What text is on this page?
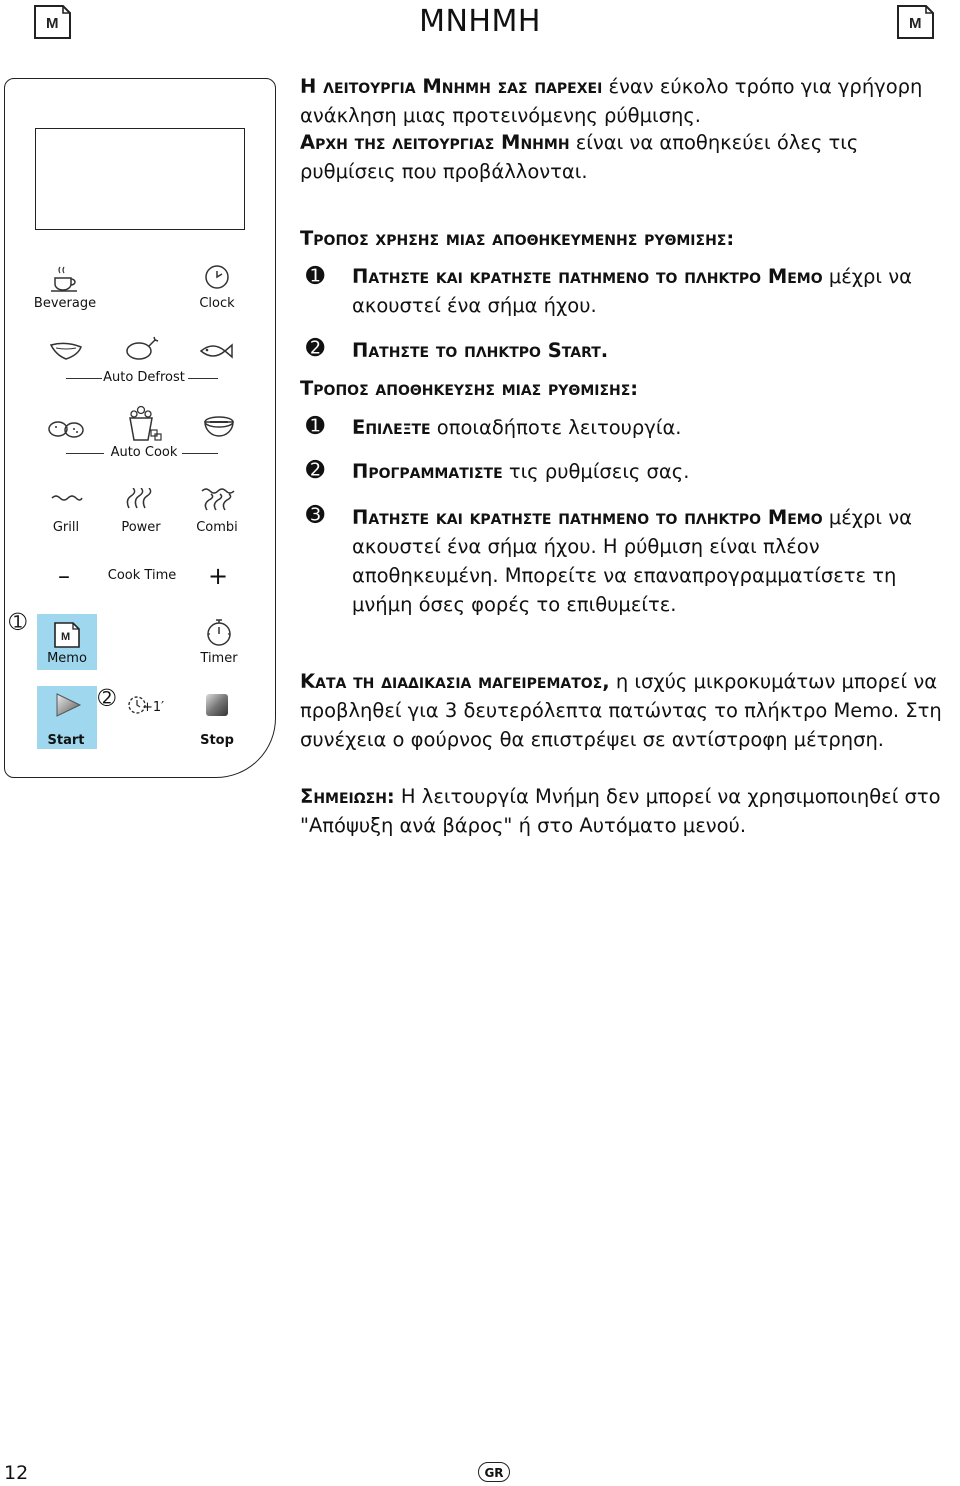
M	ΜΝΗΜΗ	M
Beverage	Clock
Auto Defrost
Auto Cook
Grill	Power	Combi
–	Cook Time	+
➀
M
Memo	Timer
Start
➁ +1′
Stop
Η λειτουργια Μνημη σας παρεχει έναν εύκολο τρόπο για γρήγορη ανάκληση μιας προτεινόμενης ρύθμισης.
Αρχη της λειτουργιας Μνημη είναι να αποθηκεύει όλες τις ρυθμίσεις που προβάλλονται.
Τροπος χρησης μιας αποθηκευμενης ρυθμισης:
➊ Πατηστε και κρατηστε πατημενο το πληκτρο Memo μέχρι να ακουστεί ένα σήμα ήχου.
➋ Πατηστε το πληκτρο Start.
Τροπος αποθηκευσης μιας ρυθμισης:
➊ Επιλεξτε οποιαδήποτε λειτουργία.
➋ Προγραμματιστε τις ρυθμίσεις σας.
➌ Πατηστε και κρατηστε πατημενο το πληκτρο Memo μέχρι να ακουστεί ένα σήμα ήχου. Η ρύθμιση είναι πλέον αποθηκευμένη. Μπορείτε να επαναπρογραμματίσετε τη μνήμη όσες φορές το επιθυμείτε.
Κατα τη διαδικασια μαγειρεματος, η ισχύς μικροκυμάτων μπορεί να προβληθεί για 3 δευτερόλεπτα πατώντας το πλήκτρο Memo. Στη συνέχεια ο φούρνος θα επιστρέψει σε αντίστροφη μέτρηση.
Σημειωση: Η λειτουργία Μνήμη δεν μπορεί να χρησιμοποιηθεί στο "Απόψυξη ανά βάρος" ή στο Αυτόματο μενού.
12	GR
